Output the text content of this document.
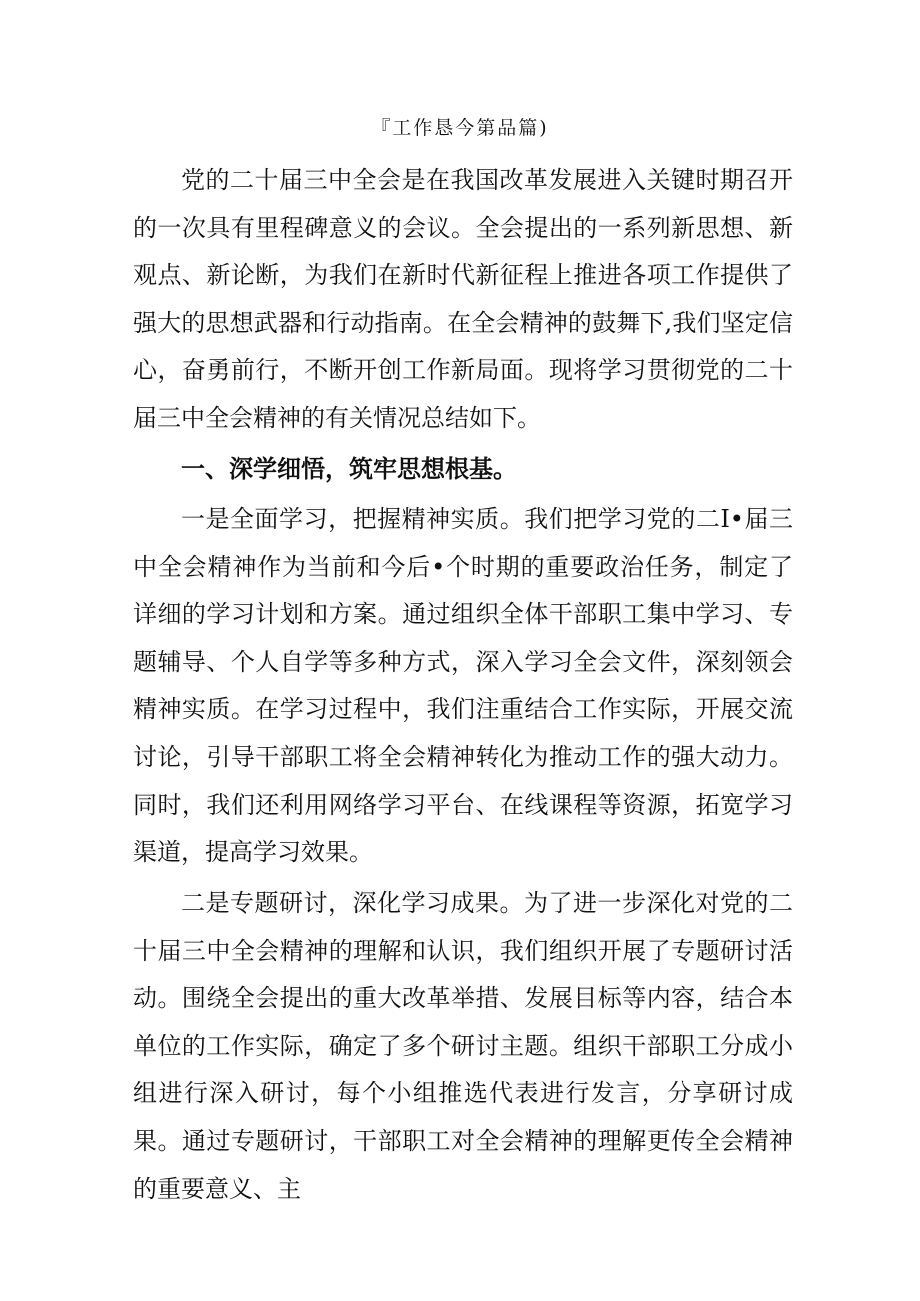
『工作恳今第品篇)

党的二十届三中全会是在我国改革发展进入关键时期召开的一次具有里程碑意义的会议。全会提出的一系列新思想、新观点、新论断，为我们在新时代新征程上推进各项工作提供了强大的思想武器和行动指南。在全会精神的鼓舞下,我们坚定信心，奋勇前行，不断开创工作新局面。现将学习贯彻党的二十届三中全会精神的有关情况总结如下。

一、深学细悟，筑牢思想根基。

一是全面学习，把握精神实质。我们把学习党的二I•届三中全会精神作为当前和今后•个时期的重要政治任务，制定了详细的学习计划和方案。通过组织全体干部职工集中学习、专题辅导、个人自学等多种方式，深入学习全会文件，深刻领会精神实质。在学习过程中，我们注重结合工作实际，开展交流讨论，引导干部职工将全会精神转化为推动工作的强大动力。同时，我们还利用网络学习平台、在线课程等资源，拓宽学习渠道，提高学习效果。

二是专题研讨，深化学习成果。为了进一步深化对党的二十届三中全会精神的理解和认识，我们组织开展了专题研讨活动。围绕全会提出的重大改革举措、发展目标等内容，结合本单位的工作实际，确定了多个研讨主题。组织干部职工分成小组进行深入研讨，每个小组推选代表进行发言，分享研讨成果。通过专题研讨，干部职工对全会精神的理解更传全会精神的重要意义、主
